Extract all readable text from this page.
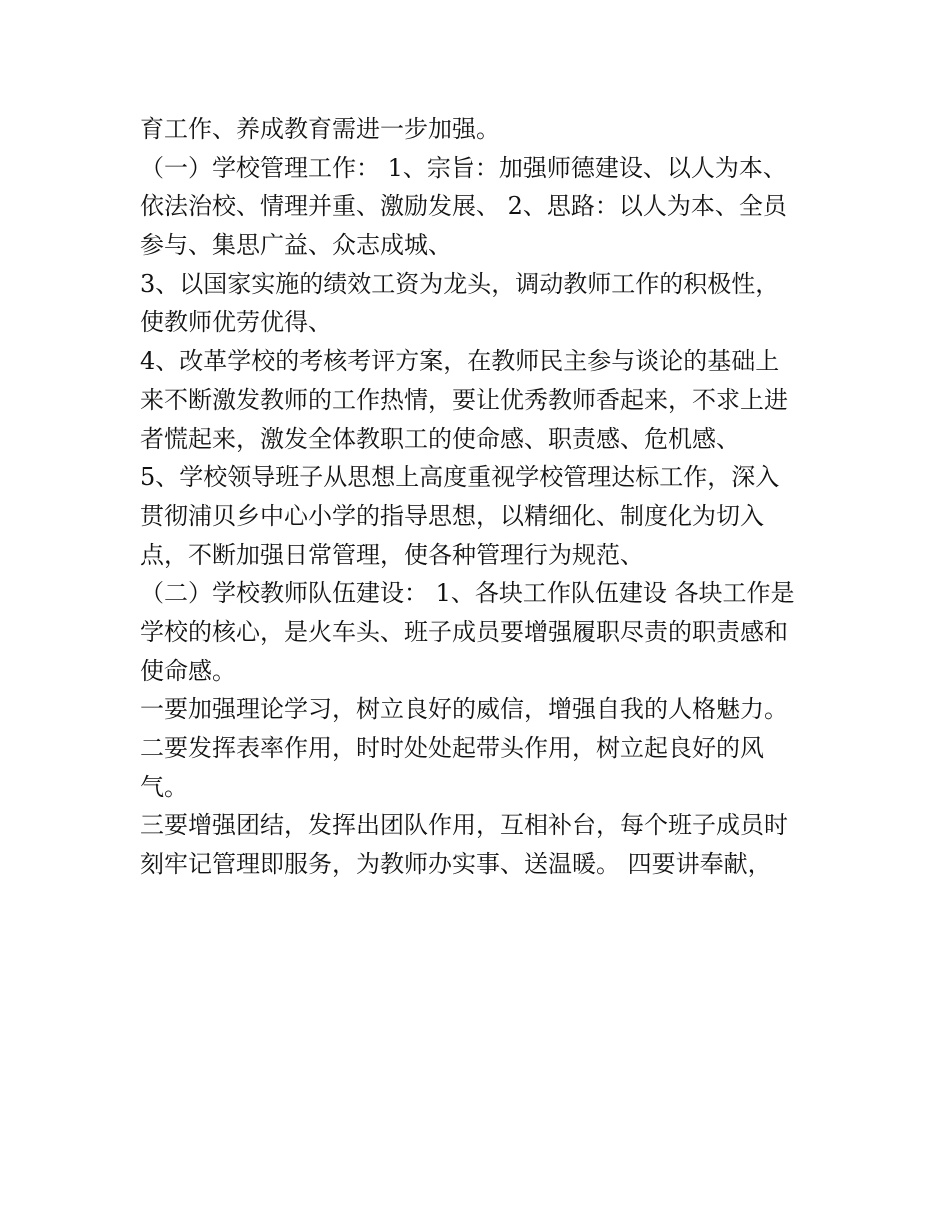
育工作、养成教育需进一步加强。
（一）学校管理工作： 1、宗旨：加强师德建设、以人为本、
依法治校、情理并重、激励发展、 2、思路：以人为本、全员
参与、集思广益、众志成城、
3、以国家实施的绩效工资为龙头，调动教师工作的积极性，
使教师优劳优得、
4、改革学校的考核考评方案，在教师民主参与谈论的基础上
来不断激发教师的工作热情，要让优秀教师香起来，不求上进
者慌起来，激发全体教职工的使命感、职责感、危机感、
5、学校领导班子从思想上高度重视学校管理达标工作，深入
贯彻浦贝乡中心小学的指导思想，以精细化、制度化为切入
点，不断加强日常管理，使各种管理行为规范、
（二）学校教师队伍建设： 1、各块工作队伍建设 各块工作是
学校的核心，是火车头、班子成员要增强履职尽责的职责感和
使命感。
一要加强理论学习，树立良好的威信，增强自我的人格魅力。
二要发挥表率作用，时时处处起带头作用，树立起良好的风
气。
三要增强团结，发挥出团队作用，互相补台，每个班子成员时
刻牢记管理即服务，为教师办实事、送温暖。 四要讲奉献，
